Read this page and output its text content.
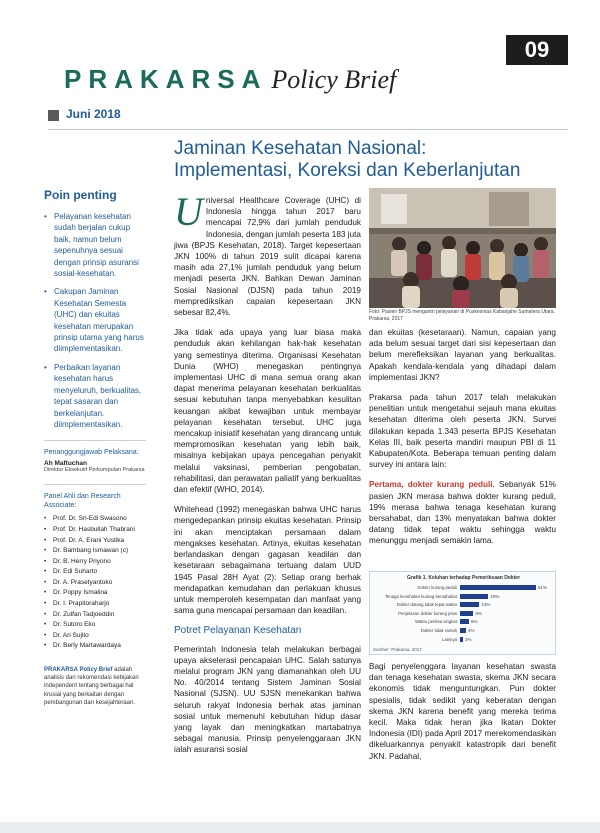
09
PRAKARSA Policy Brief
Juni 2018
Jaminan Kesehatan Nasional:
Implementasi, Koreksi dan Keberlanjutan
Poin penting
• Pelayanan kesehatan sudah berjalan cukup baik, namun belum sepenuhnya sesuai dengan prinsip asuransi sosial-kesehatan.
• Cakupan Jaminan Kesehatan Semesta (UHC) dan ekuitas kesehatan merupakan prinsip utama yang harus diimplementasikan.
• Perbaikan layanan kesehatan harus menyeluruh, berkualitas, tepat sasaran dan berkelanjutan. diimplementasikan.
Penanggungjawab Pelaksana:
Ah Maftuchan
Direktur Eksekutif Perkumpulan Prakarsa
Panel Ahli dan Research Associate:
• Prof. Dr. Sri-Edi Swasono
• Prof. Dr. Hasbullah Thabrani
• Prof. Dr. A. Erani Yustika
• Dr. Bambang Ismawan (c)
• Dr. B. Herry Priyono
• Dr. Edi Suharto
• Dr. A. Prasetyantoko
• Dr. Poppy Ismalina
• Dr. I. Prapitoraharjo
• Dr. Zulfan Tadjoeddin
• Dr. Sutoro Eko
• Dr. Ari Sujito
• Dr. Berly Martawardaya
PRAKARSA Policy Brief adalah analisis dan rekomendasi kebijakan independent tentang berbagai hal krusial yang berkaitan dengan pembangunan dan kesejahteraan.

Universal Healthcare Coverage (UHC) di Indonesia hingga tahun 2017 baru mencapai 72,9% dari jumlah penduduk Indonesia, dengan jumlah peserta 183 juta jiwa (BPJS Kesehatan, 2018). Target kepesertaan JKN 100% di tahun 2019 sulit dicapai karena masih ada 27,1% jumlah penduduk yang belum menjadi peserta JKN. Bahkan Dewan Jaminan Sosial Nasional (DJSN) pada tahun 2019 memprediksikan capaian kepesertaan JKN sebesar 82,4%.

Jika tidak ada upaya yang luar biasa maka penduduk akan kehilangan hak-hak kesehatan yang semestinya diterima. Organisasi Kesehatan Dunia (WHO) menegaskan pentingnya implementasi UHC di mana semua orang akan dapat menerima pelayanan kesehatan berkualitas sesuai kebutuhan tanpa menyebabkan kesulitan keuangan akibat kewajiban untuk membayar pelayanan kesehatan tersebut. UHC juga mencakup inisiatif kesehatan yang dirancang untuk mempromosikan kesehatan yang lebih baik, misalnya kebijakan upaya pencegahan penyakit melalui vaksinasi, pemberian pengobatan, rehabilitasi, dan perawatan paliatif yang berkualitas dan efektif (WHO, 2014).

Whitehead (1992) menegaskan bahwa UHC harus mengedepankan prinsip ekuitas kesehatan. Prinsip ini akan menciptakan persamaan dalam mengakses kesehatan. Artinya, ekuitas kesehatan berlandaskan dengan gagasan keadilan dan kesetaraan sebagaimana tertuang dalam UUD 1945 Pasal 28H Ayat (2): Setiap orang berhak mendapatkan kemudahan dan perlakuan khusus untuk memperoleh kesempatan dan manfaat yang sama guna mencapai persamaan dan keadilan.

Potret Pelayanan Kesehatan

Pemerintah Indonesia telah melakukan berbagai upaya akselerasi pencapaian UHC. Salah satunya melalui program JKN yang diamanahkan oleh UU No. 40/2014 tentang Sistem Jaminan Sosial Nasional (SJSN). UU SJSN menekankan bahwa seluruh rakyat Indonesia berhak atas jaminan sosial untuk memenuhi kebutuhan hidup dasar yang layak dan meningkatkan martabatnya sebagai manusia. Prinsip penyelenggaraan JKN ialah asuransi sosial

Foto: Pasien BPJS mengantri pelayanan di Puskesmas Kabanjahe Sumatera Utara. Prakarsa, 2017

dan ekuitas (kesetaraan). Namun, capaian yang ada belum sesuai target dari sisi kepesertaan dan belum merefleksikan layanan yang berkualitas. Apakah kendala-kendala yang dihadapi dalam implementasi JKN?

Prakarsa pada tahun 2017 telah melakukan penelitian untuk mengetahui sejauh mana ekuitas kesehatan diterima oleh peserta JKN. Survei dilakukan kepada 1.343 peserta BPJS Kesehatan Kelas III, baik peserta mandiri maupun PBI di 11 Kabupaten/Kota. Beberapa temuan penting dalam survey ini antara lain:

Pertama, dokter kurang peduli. Sebanyak 51% pasien JKN merasa bahwa dokter kurang peduli, 19% merasa bahwa tenaga kesehatan kurang bersahabat, dan 13% menyatakan bahwa dokter datang tidak tepat waktu sehingga waktu menunggu menjadi semakin lama.

Grafik 1. Keluhan terhadap Pemeriksaan Dokter
Dokter kurang peduli	51%
Tenaga kesehatan kurang bersahabat	19%
Dokter datang tidak tepat waktu	13%
Penjelasan dokter kurang jelas	9%
Waktu periksa singkat	6%
Dokter tidak ramah 4%
Lainnya 2%
Sumber: Prakarsa, 2017

Bagi penyelenggara layanan kesehatan swasta dan tenaga kesehatan swasta, skema JKN secara ekonomis tidak menguntungkan. Pun dokter spesialis, tidak sedikit yang keberatan dengan skema JKN karena benefit yang mereka terima kecil. Maka tidak heran jika Ikatan Dokter Indonesia (IDI) pada April 2017 merekomendasikan dikeluarkannya penyakit katastropik dari benefit JKN. Padahal,
